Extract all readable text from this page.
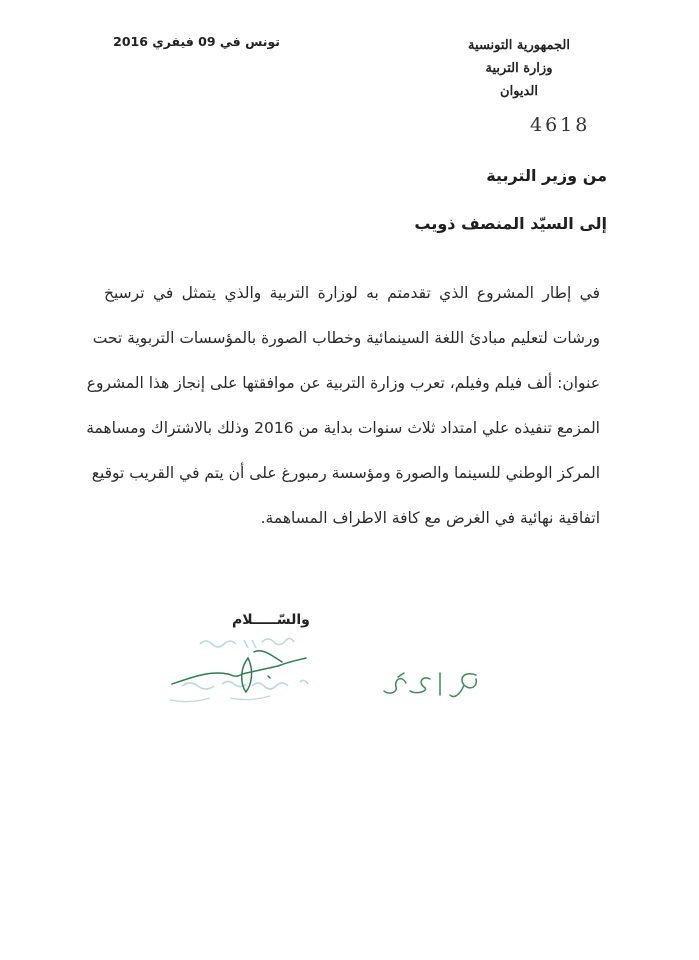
الجمهورية التونسية
وزارة التربية
الديوان
تونس في 09 فيفري 2016
4618
من وزير التربية
إلى السيّد المنصف ذويب
في إطار المشروع الذي تقدمتم به لوزارة التربية والذي يتمثل في ترسيخ
ورشات لتعليم مبادئ اللغة السينمائية وخطاب الصورة بالمؤسسات التربوية تحت
عنوان: ألف فيلم وفيلم، تعرب وزارة التربية عن موافقتها على إنجاز هذا المشروع
المزمع تنفيذه علي امتداد ثلاث سنوات بداية من 2016 وذلك بالاشتراك ومساهمة
المركز الوطني للسينما والصورة ومؤسسة رمبورغ على أن يتم في القريب توقيع
اتفاقية نهائية في الغرض مع كافة الاطراف المساهمة.
والسّـــــلام
